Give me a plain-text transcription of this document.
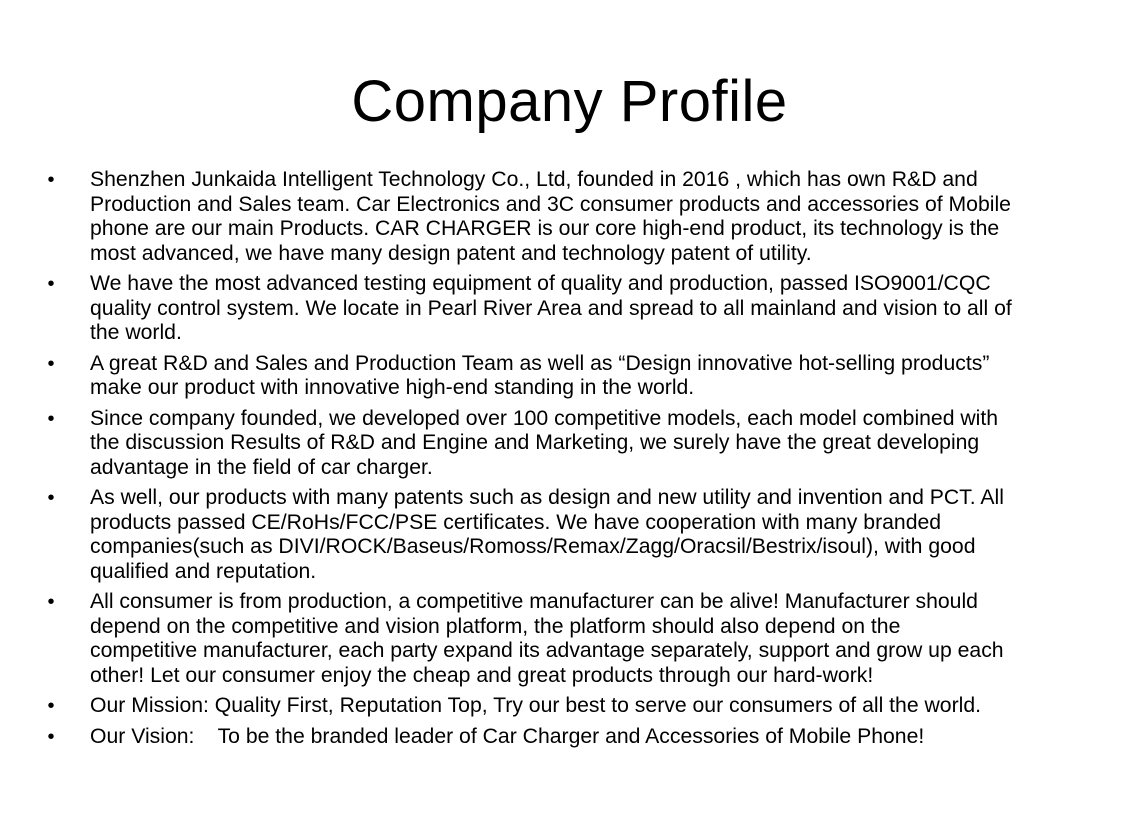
Company Profile
• Shenzhen Junkaida Intelligent Technology Co., Ltd, founded in 2016 , which has own R&D and
Production and Sales team. Car Electronics and 3C consumer products and accessories of Mobile
phone are our main Products. CAR CHARGER is our core high-end product, its technology is the
most advanced, we have many design patent and technology patent of utility.
• We have the most advanced testing equipment of quality and production, passed ISO9001/CQC
quality control system. We locate in Pearl River Area and spread to all mainland and vision to all of
the world.
• A great R&D and Sales and Production Team as well as “Design innovative hot-selling products”
make our product with innovative high-end standing in the world.
• Since company founded, we developed over 100 competitive models, each model combined with
the discussion Results of R&D and Engine and Marketing, we surely have the great developing
advantage in the field of car charger.
• As well, our products with many patents such as design and new utility and invention and PCT. All
products passed CE/RoHs/FCC/PSE certificates. We have cooperation with many branded
companies(such as DIVI/ROCK/Baseus/Romoss/Remax/Zagg/Oracsil/Bestrix/isoul), with good
qualified and reputation.
• All consumer is from production, a competitive manufacturer can be alive! Manufacturer should
depend on the competitive and vision platform, the platform should also depend on the
competitive manufacturer, each party expand its advantage separately, support and grow up each
other! Let our consumer enjoy the cheap and great products through our hard-work!
• Our Mission: Quality First, Reputation Top, Try our best to serve our consumers of all the world.
• Our Vision:    To be the branded leader of Car Charger and Accessories of Mobile Phone!
